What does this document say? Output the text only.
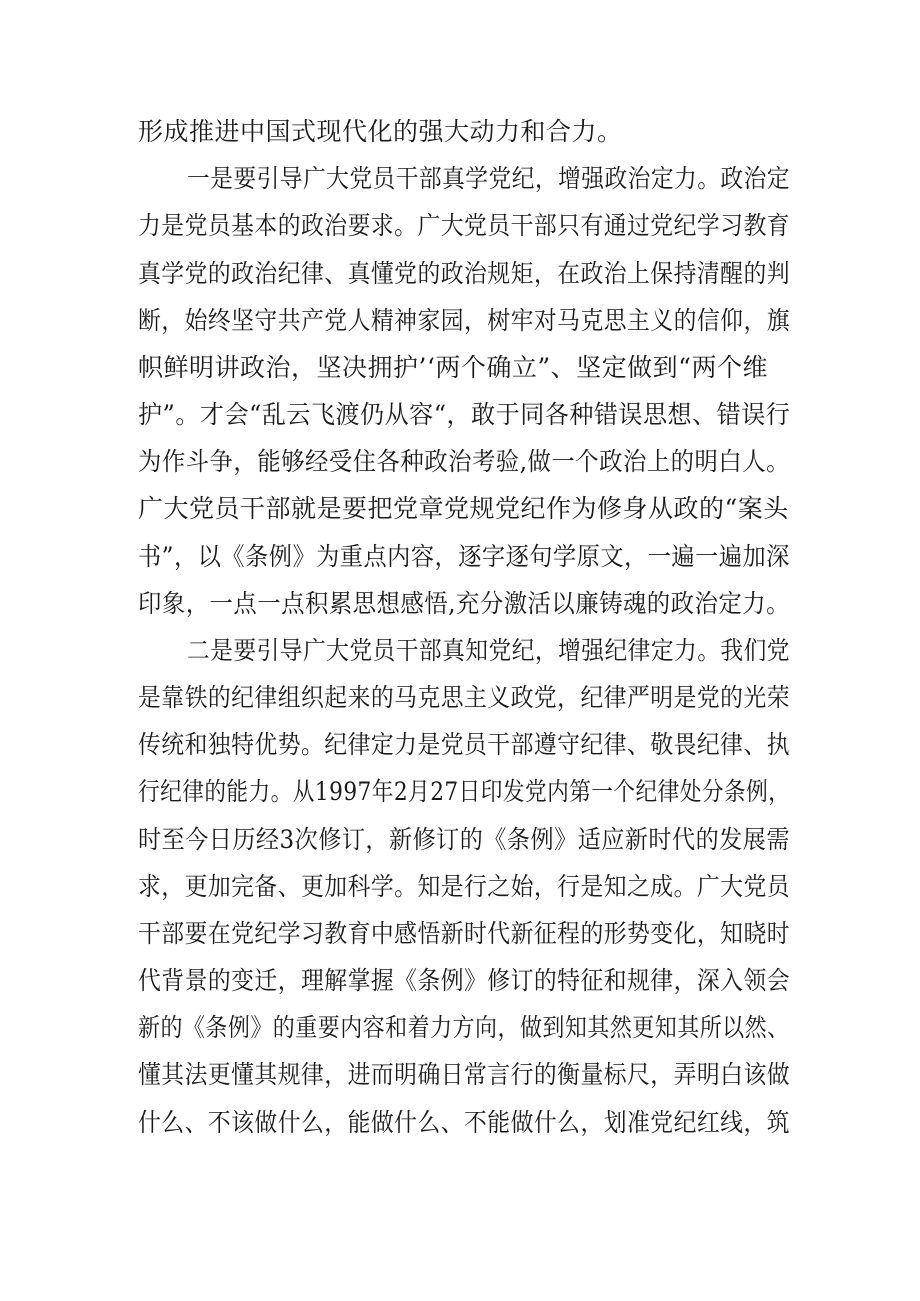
形成推进中国式现代化的强大动力和合力。
一是要引导广大党员干部真学党纪，增强政治定力。政治定
力是党员基本的政治要求。广大党员干部只有通过党纪学习教育
真学党的政治纪律、真懂党的政治规矩，在政治上保持清醒的判
断，始终坚守共产党人精神家园，树牢对马克思主义的信仰，旗
帜鲜明讲政治，坚决拥护’‘两个确立”、坚定做到“两个维
护”。才会“乱云飞渡仍从容“，敢于同各种错误思想、错误行
为作斗争，能够经受住各种政治考验,做一个政治上的明白人。
广大党员干部就是要把党章党规党纪作为修身从政的“案头
书”，以《条例》为重点内容，逐字逐句学原文，一遍一遍加深
印象，一点一点积累思想感悟,充分激活以廉铸魂的政治定力。
二是要引导广大党员干部真知党纪，增强纪律定力。我们党
是靠铁的纪律组织起来的马克思主义政党，纪律严明是党的光荣
传统和独特优势。纪律定力是党员干部遵守纪律、敬畏纪律、执
行纪律的能力。从1997年2月27日印发党内第一个纪律处分条例，
时至今日历经3次修订，新修订的《条例》适应新时代的发展需
求，更加完备、更加科学。知是行之始，行是知之成。广大党员
干部要在党纪学习教育中感悟新时代新征程的形势变化，知晓时
代背景的变迁，理解掌握《条例》修订的特征和规律，深入领会
新的《条例》的重要内容和着力方向，做到知其然更知其所以然、
懂其法更懂其规律，进而明确日常言行的衡量标尺，弄明白该做
什么、不该做什么，能做什么、不能做什么，划准党纪红线，筑
